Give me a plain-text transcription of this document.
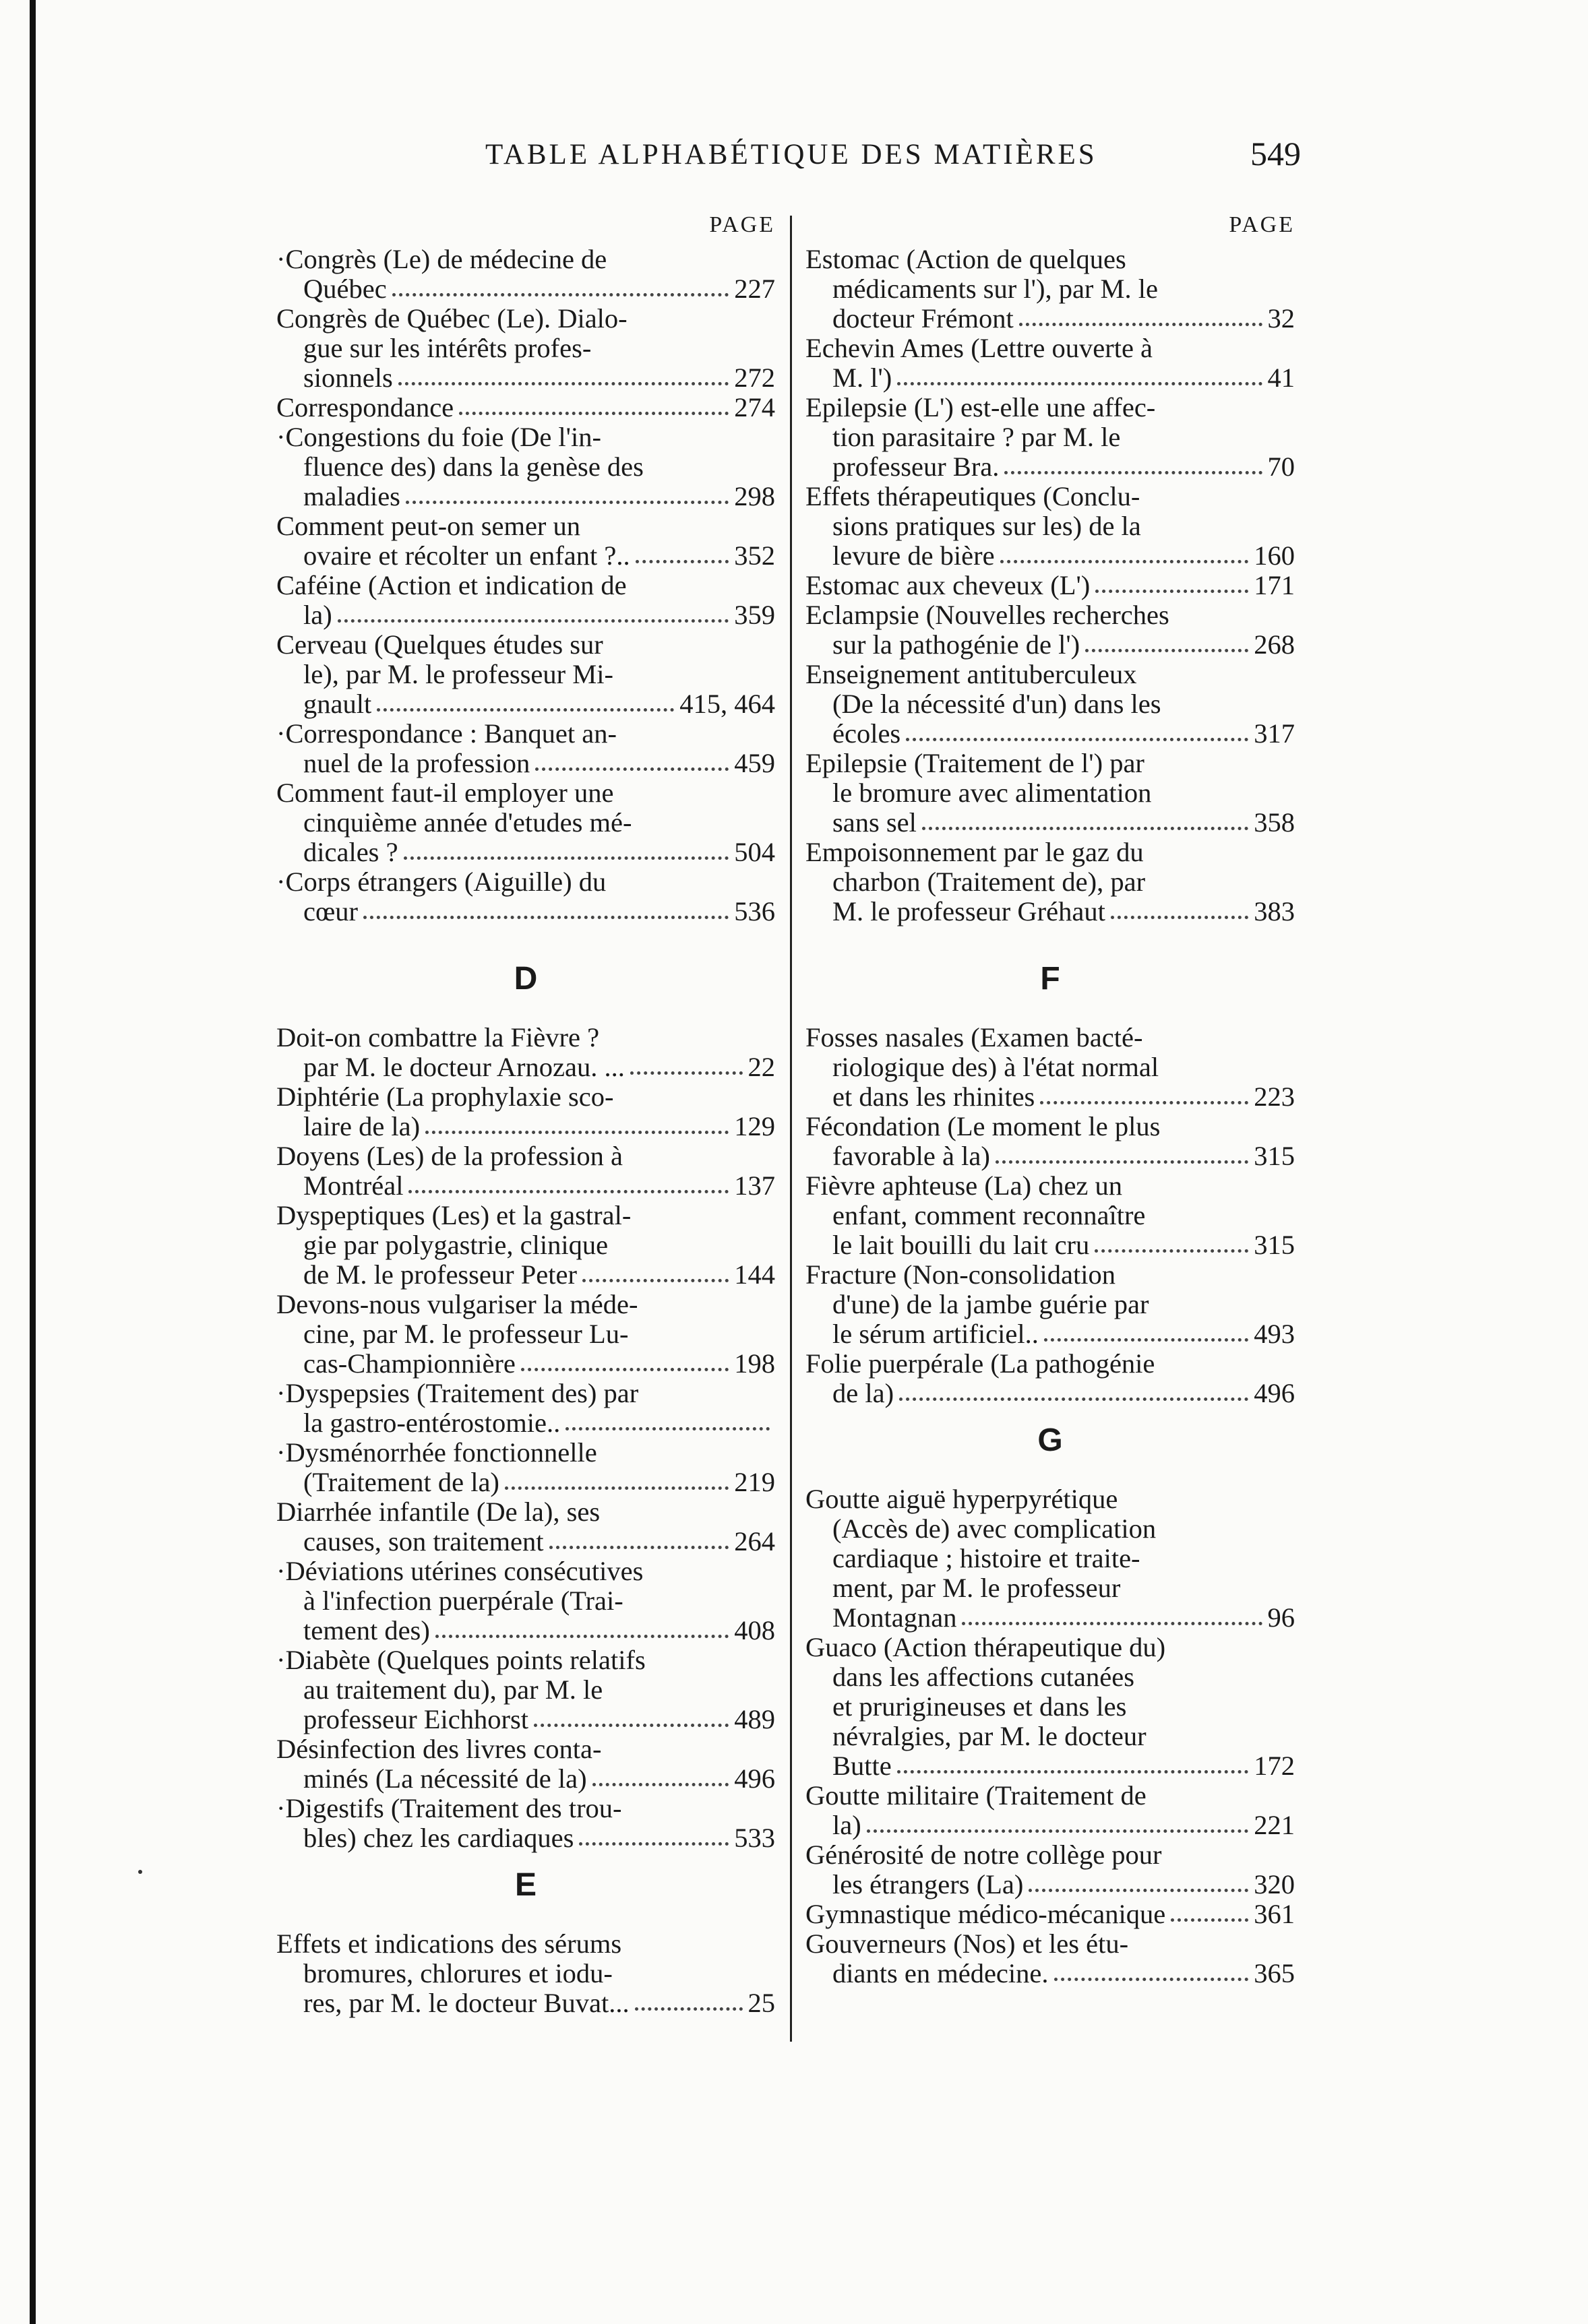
TABLE ALPHABÉTIQUE DES MATIÈRES	549
PAGE
·Congrès (Le) de médecine de
Québec	227
Congrès de Québec (Le). Dialo-
gue sur les intérêts profes-
sionnels	272
Correspondance	274
·Congestions du foie (De l'in-
fluence des) dans la genèse des
maladies	298
Comment peut-on semer un
ovaire et récolter un enfant ?..	352
Caféine (Action et indication de
la)	359
Cerveau (Quelques études sur
le), par M. le professeur Mi-
gnault	415, 464
·Correspondance : Banquet an-
nuel de la profession	459
Comment faut-il employer une
cinquième année d'etudes mé-
dicales ?	504
·Corps étrangers (Aiguille) du
cœur	536
D
Doit-on combattre la Fièvre ?
par M. le docteur Arnozau. ...	22
Diphtérie (La prophylaxie sco-
laire de la)	129
Doyens (Les) de la profession à
Montréal	137
Dyspeptiques (Les) et la gastral-
gie par polygastrie, clinique
de M. le professeur Peter	144
Devons-nous vulgariser la méde-
cine, par M. le professeur Lu-
cas-Championnière	198
·Dyspepsies (Traitement des) par
la gastro-entérostomie..
·Dysménorrhée fonctionnelle
(Traitement de la)	219
Diarrhée infantile (De la), ses
causes, son traitement	264
·Déviations utérines consécutives
à l'infection puerpérale (Trai-
tement des)	408
·Diabète (Quelques points relatifs
au traitement du), par M. le
professeur Eichhorst	489
Désinfection des livres conta-
minés (La nécessité de la)	496
·Digestifs (Traitement des trou-
bles) chez les cardiaques	533
E
Effets et indications des sérums
bromures, chlorures et iodu-
res, par M. le docteur Buvat...	25
PAGE
Estomac (Action de quelques
médicaments sur l'), par M. le
docteur Frémont	32
Echevin Ames (Lettre ouverte à
M. l')	41
Epilepsie (L') est-elle une affec-
tion parasitaire ? par M. le
professeur Bra.	70
Effets thérapeutiques (Conclu-
sions pratiques sur les) de la
levure de bière	160
Estomac aux cheveux (L')	171
Eclampsie (Nouvelles recherches
sur la pathogénie de l')	268
Enseignement antituberculeux
(De la nécessité d'un) dans les
écoles	317
Epilepsie (Traitement de l') par
le bromure avec alimentation
sans sel	358
Empoisonnement par le gaz du
charbon (Traitement de), par
M. le professeur Gréhaut	383
F
Fosses nasales (Examen bacté-
riologique des) à l'état normal
et dans les rhinites	223
Fécondation (Le moment le plus
favorable à la)	315
Fièvre aphteuse (La) chez un
enfant, comment reconnaître
le lait bouilli du lait cru	315
Fracture (Non-consolidation
d'une) de la jambe guérie par
le sérum artificiel..	493
Folie puerpérale (La pathogénie
de la)	496
G
Goutte aiguë hyperpyrétique
(Accès de) avec complication
cardiaque ; histoire et traite-
ment, par M. le professeur
Montagnan	96
Guaco (Action thérapeutique du)
dans les affections cutanées
et prurigineuses et dans les
névralgies, par M. le docteur
Butte	172
Goutte militaire (Traitement de
la)	221
Générosité de notre collège pour
les étrangers (La)	320
Gymnastique médico-mécanique	361
Gouverneurs (Nos) et les étu-
diants en médecine.	365
